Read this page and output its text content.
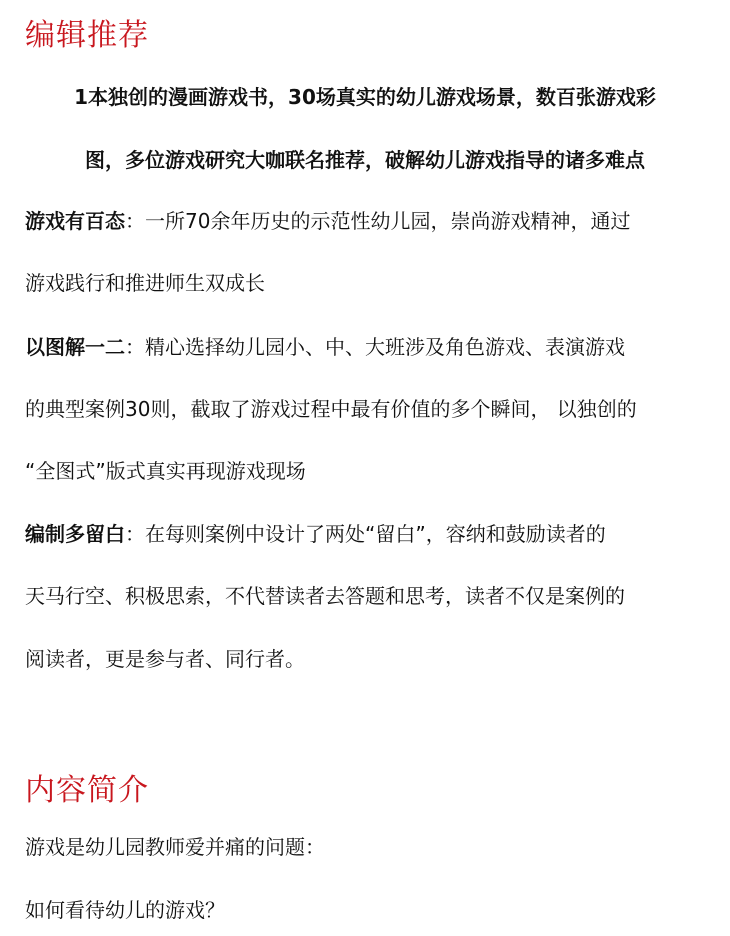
编辑推荐
1本独创的漫画游戏书，30场真实的幼儿游戏场景，数百张游戏彩
图，多位游戏研究大咖联名推荐，破解幼儿游戏指导的诸多难点
游戏有百态：一所70余年历史的示范性幼儿园，崇尚游戏精神，通过
游戏践行和推进师生双成长
以图解一二：精心选择幼儿园小、中、大班涉及角色游戏、表演游戏
的典型案例30则，截取了游戏过程中最有价值的多个瞬间， 以独创的
“全图式”版式真实再现游戏现场
编制多留白：在每则案例中设计了两处“留白”，容纳和鼓励读者的
天马行空、积极思索，不代替读者去答题和思考，读者不仅是案例的
阅读者，更是参与者、同行者。
内容简介
游戏是幼儿园教师爱并痛的问题：
如何看待幼儿的游戏？
